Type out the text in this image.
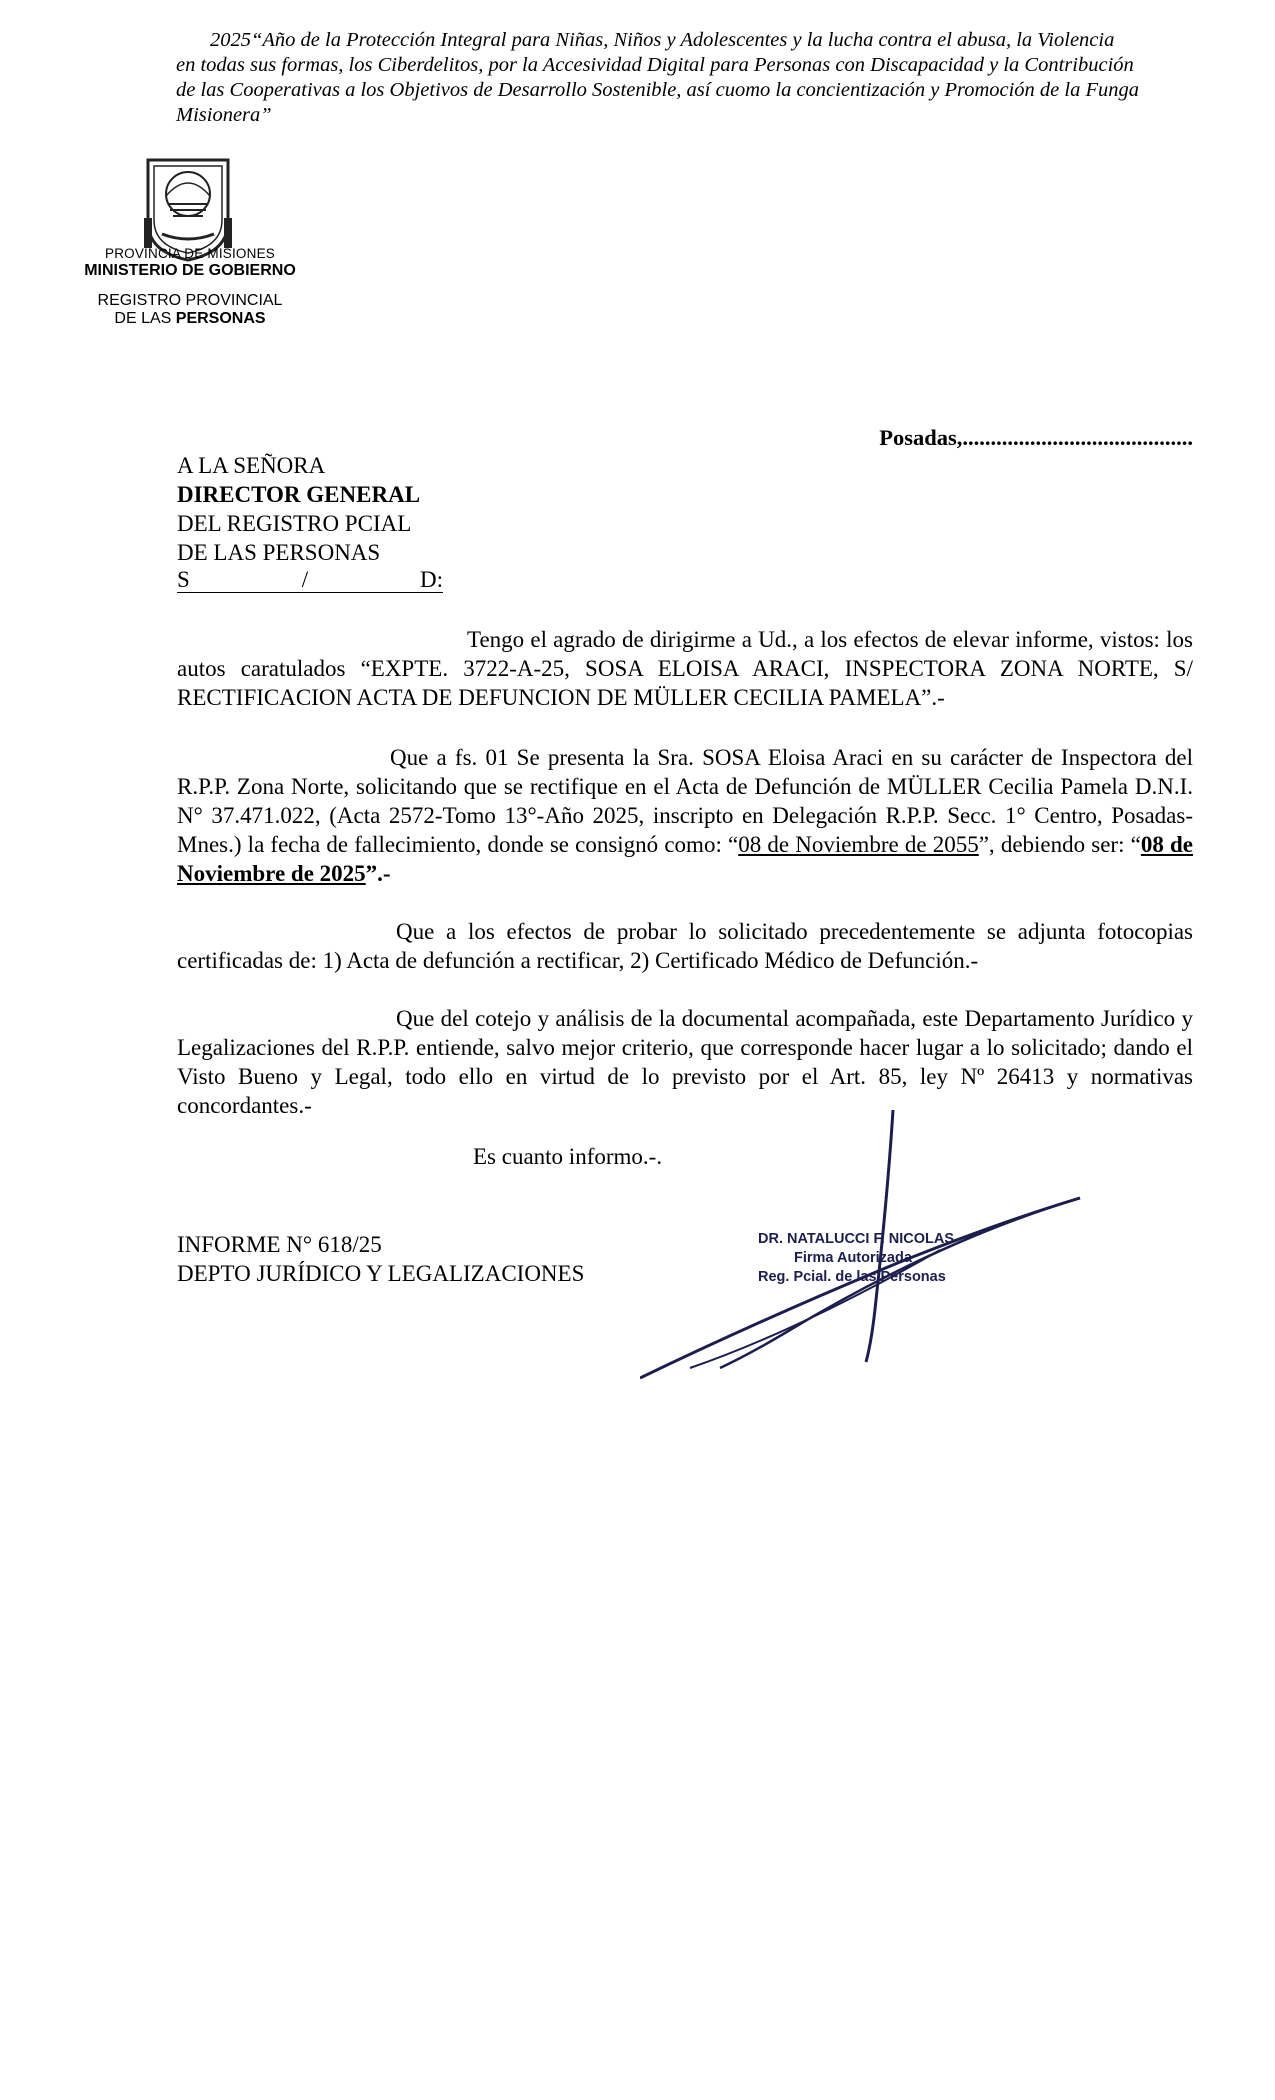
2025“Año de la Protección Integral para Niñas, Niños y Adolescentes y la lucha contra el abusa, la Violencia
en todas sus formas, los Ciberdelitos, por la Accesividad Digital para Personas con Discapacidad y la Contribución
de las Cooperativas a los Objetivos de Desarrollo Sostenible, así cuomo la concientización y Promoción de la Funga
Misionera”
PROVINCIA DE MISIONES
MINISTERIO DE GOBIERNO
REGISTRO PROVINCIAL
DE LAS PERSONAS
Posadas,.........................................
A LA SEÑORA
DIRECTOR GENERAL
DEL REGISTRO PCIAL
DE LAS PERSONAS
S	/	D:
Tengo el agrado de dirigirme a Ud., a los efectos de elevar informe, vistos: los autos caratulados “EXPTE. 3722-A-25, SOSA ELOISA ARACI, INSPECTORA ZONA NORTE, S/ RECTIFICACION ACTA DE DEFUNCION DE MÜLLER CECILIA PAMELA”.-
Que a fs. 01 Se presenta la Sra. SOSA Eloisa Araci en su carácter de Inspectora del R.P.P. Zona Norte, solicitando que se rectifique en el Acta de Defunción de MÜLLER Cecilia Pamela D.N.I. N° 37.471.022, (Acta 2572-Tomo 13°-Año 2025, inscripto en Delegación R.P.P. Secc. 1° Centro, Posadas-Mnes.) la fecha de fallecimiento, donde se consignó como: “08 de Noviembre de 2055”, debiendo ser: “08 de Noviembre de 2025”.-
Que a los efectos de probar lo solicitado precedentemente se adjunta fotocopias certificadas de: 1) Acta de defunción a rectificar, 2) Certificado Médico de Defunción.-
Que del cotejo y análisis de la documental acompañada, este Departamento Jurídico y Legalizaciones del R.P.P. entiende, salvo mejor criterio, que corresponde hacer lugar a lo solicitado; dando el Visto Bueno y Legal, todo ello en virtud de lo previsto por el Art. 85, ley Nº 26413 y normativas concordantes.-
Es cuanto informo.-.
INFORME N° 618/25
DEPTO JURÍDICO Y LEGALIZACIONES
DR. NATALUCCI F. NICOLAS
Firma Autorizada
Reg. Pcial. de las Personas
